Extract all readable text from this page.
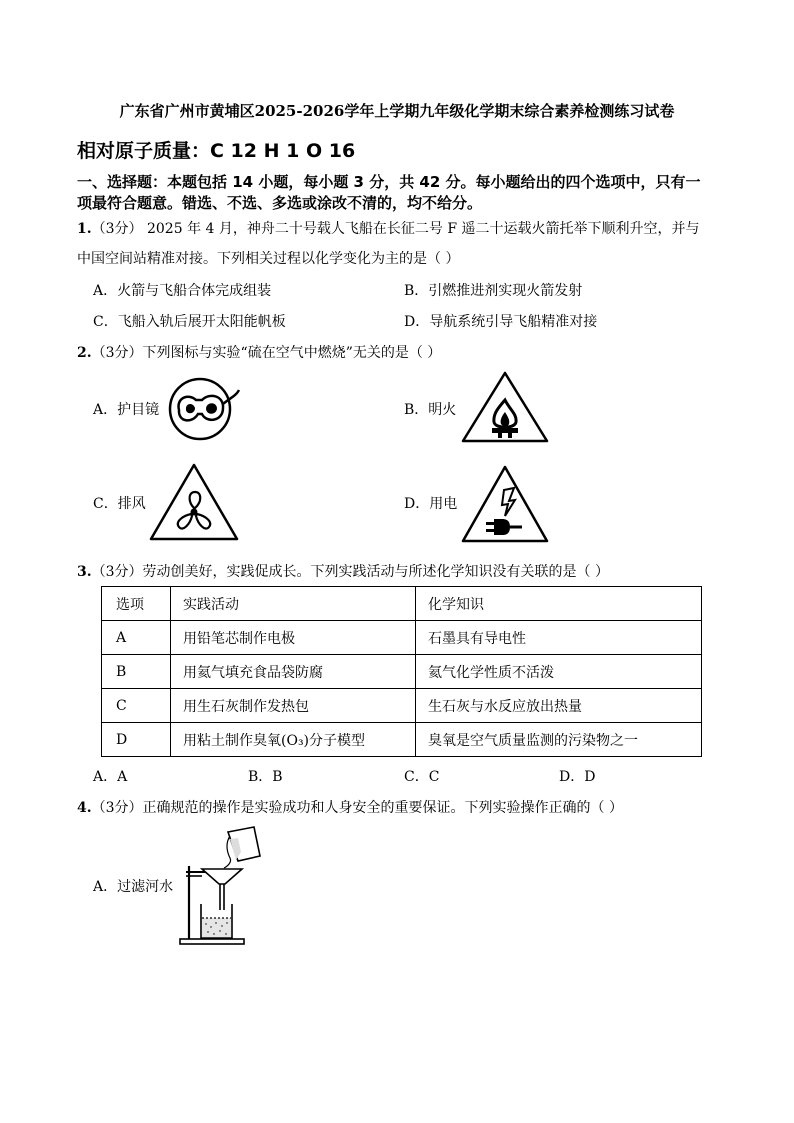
广东省广州市黄埔区2025-2026学年上学期九年级化学期末综合素养检测练习试卷
相对原子质量：C 12 H 1 O 16
一、选择题：本题包括 14 小题，每小题 3 分，共 42 分。每小题给出的四个选项中，只有一
项最符合题意。错选、不选、多选或涂改不清的，均不给分。
1.（3分） 2025 年 4 月，神舟二十号载人飞船在长征二号 F 遥二十运载火箭托举下顺利升空，并与
中国空间站精准对接。下列相关过程以化学变化为主的是（ ）
A．火箭与飞船合体完成组装	B．引燃推进剂实现火箭发射
C．飞船入轨后展开太阳能帆板	D．导航系统引导飞船精准对接
2.（3分）下列图标与实验“硫在空气中燃烧”无关的是（ ）
A．护目镜	B．明火
C．排风	D．用电
3.（3分）劳动创美好，实践促成长。下列实践活动与所述化学知识没有关联的是（ ）
选项	实践活动	化学知识
A	用铅笔芯制作电极	石墨具有导电性
B	用氦气填充食品袋防腐	氦气化学性质不活泼
C	用生石灰制作发热包	生石灰与水反应放出热量
D	用粘土制作臭氧(O₃)分子模型	臭氧是空气质量监测的污染物之一
A．A	B．B	C．C	D．D
4.（3分）正确规范的操作是实验成功和人身安全的重要保证。下列实验操作正确的（ ）
A．过滤河水
